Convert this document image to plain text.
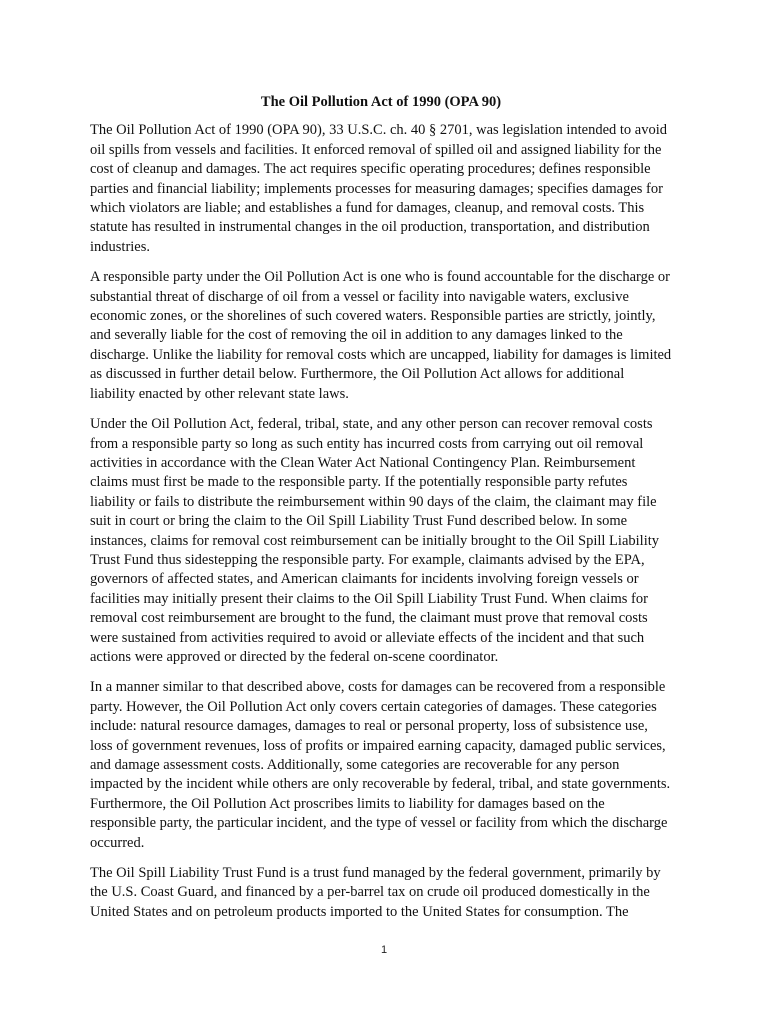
The Oil Pollution Act of 1990 (OPA 90)

The Oil Pollution Act of 1990 (OPA 90), 33 U.S.C. ch. 40 § 2701, was legislation intended to avoid oil spills from vessels and facilities. It enforced removal of spilled oil and assigned liability for the cost of cleanup and damages. The act requires specific operating procedures; defines responsible parties and financial liability; implements processes for measuring damages; specifies damages for which violators are liable; and establishes a fund for damages, cleanup, and removal costs. This statute has resulted in instrumental changes in the oil production, transportation, and distribution industries.

A responsible party under the Oil Pollution Act is one who is found accountable for the discharge or substantial threat of discharge of oil from a vessel or facility into navigable waters, exclusive economic zones, or the shorelines of such covered waters. Responsible parties are strictly, jointly, and severally liable for the cost of removing the oil in addition to any damages linked to the discharge. Unlike the liability for removal costs which are uncapped, liability for damages is limited as discussed in further detail below. Furthermore, the Oil Pollution Act allows for additional liability enacted by other relevant state laws.

Under the Oil Pollution Act, federal, tribal, state, and any other person can recover removal costs from a responsible party so long as such entity has incurred costs from carrying out oil removal activities in accordance with the Clean Water Act National Contingency Plan. Reimbursement claims must first be made to the responsible party. If the potentially responsible party refutes liability or fails to distribute the reimbursement within 90 days of the claim, the claimant may file suit in court or bring the claim to the Oil Spill Liability Trust Fund described below. In some instances, claims for removal cost reimbursement can be initially brought to the Oil Spill Liability Trust Fund thus sidestepping the responsible party. For example, claimants advised by the EPA, governors of affected states, and American claimants for incidents involving foreign vessels or facilities may initially present their claims to the Oil Spill Liability Trust Fund. When claims for removal cost reimbursement are brought to the fund, the claimant must prove that removal costs were sustained from activities required to avoid or alleviate effects of the incident and that such actions were approved or directed by the federal on-scene coordinator.

In a manner similar to that described above, costs for damages can be recovered from a responsible party. However, the Oil Pollution Act only covers certain categories of damages. These categories include: natural resource damages, damages to real or personal property, loss of subsistence use, loss of government revenues, loss of profits or impaired earning capacity, damaged public services, and damage assessment costs. Additionally, some categories are recoverable for any person impacted by the incident while others are only recoverable by federal, tribal, and state governments. Furthermore, the Oil Pollution Act proscribes limits to liability for damages based on the responsible party, the particular incident, and the type of vessel or facility from which the discharge occurred.

The Oil Spill Liability Trust Fund is a trust fund managed by the federal government, primarily by the U.S. Coast Guard, and financed by a per-barrel tax on crude oil produced domestically in the United States and on petroleum products imported to the United States for consumption. The

1
